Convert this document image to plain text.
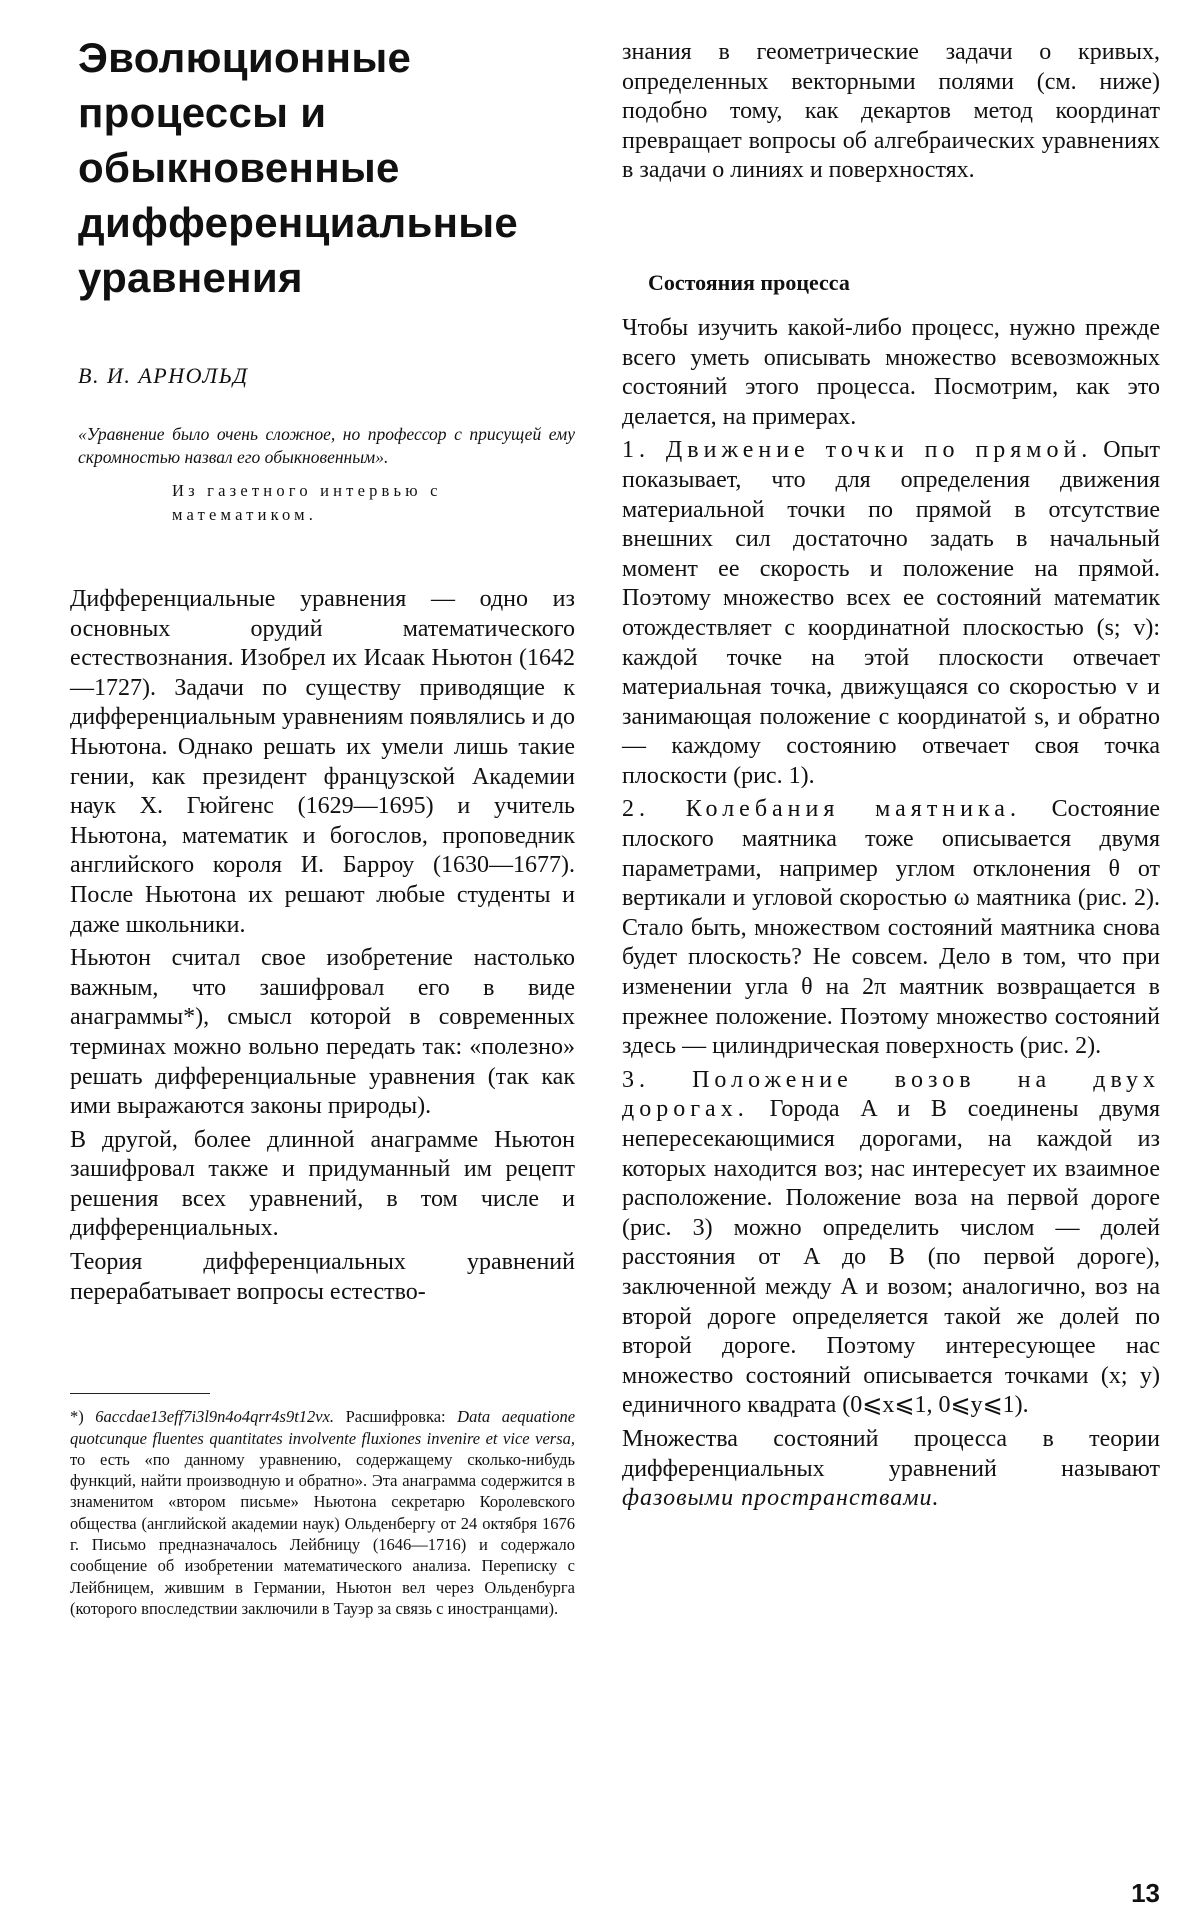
Эволюционные процессы и обыкновенные дифференциальные уравнения
В. И. АРНОЛЬД
«Уравнение было очень сложное, но профессор с присущей ему скромностью назвал его обыкновенным».
Из газетного интервью с математиком.

Дифференциальные уравнения — одно из основных орудий математического естествознания. Изобрел их Исаак Ньютон (1642—1727). Задачи по существу приводящие к дифференциальным уравнениям появлялись и до Ньютона. Однако решать их умели лишь такие гении, как президент французской Академии наук Х. Гюйгенс (1629—1695) и учитель Ньютона, математик и богослов, проповедник английского короля И. Барроу (1630—1677). После Ньютона их решают любые студенты и даже школьники.

Ньютон считал свое изобретение настолько важным, что зашифровал его в виде анаграммы*), смысл которой в современных терминах можно вольно передать так: «полезно» решать дифференциальные уравнения (так как ими выражаются законы природы).

В другой, более длинной анаграмме Ньютон зашифровал также и придуманный им рецепт решения всех уравнений, в том числе и дифференциальных.

Теория дифференциальных уравнений перерабатывает вопросы естество-

*) 6accdae13eff7i3l9n4o4qrr4s9t12vx. Расшифровка: Data aequatione quotcunque fluentes quantitates involvente fluxiones invenire et vice versa, то есть «по данному уравнению, содержащему сколько-нибудь функций, найти производную и обратно». Эта анаграмма содержится в знаменитом «втором письме» Ньютона секретарю Королевского общества (английской академии наук) Ольденбергу от 24 октября 1676 г. Письмо предназначалось Лейбницу (1646—1716) и содержало сообщение об изобретении математического анализа. Переписку с Лейбницем, жившим в Германии, Ньютон вел через Ольденбурга (которого впоследствии заключили в Тауэр за связь с иностранцами).

знания в геометрические задачи о кривых, определенных векторными полями (см. ниже) подобно тому, как декартов метод координат превращает вопросы об алгебраических уравнениях в задачи о линиях и поверхностях.

Состояния процесса

Чтобы изучить какой-либо процесс, нужно прежде всего уметь описывать множество всевозможных состояний этого процесса. Посмотрим, как это делается, на примерах.

1. Движение точки по прямой. Опыт показывает, что для определения движения материальной точки по прямой в отсутствие внешних сил достаточно задать в начальный момент ее скорость и положение на прямой. Поэтому множество всех ее состояний математик отождествляет с координатной плоскостью (s; v): каждой точке на этой плоскости отвечает материальная точка, движущаяся со скоростью v и занимающая положение с координатой s, и обратно — каждому состоянию отвечает своя точка плоскости (рис. 1).

2. Колебания маятника. Состояние плоского маятника тоже описывается двумя параметрами, например углом отклонения θ от вертикали и угловой скоростью ω маятника (рис. 2). Стало быть, множеством состояний маятника снова будет плоскость? Не совсем. Дело в том, что при изменении угла θ на 2π маятник возвращается в прежнее положение. Поэтому множество состояний здесь — цилиндрическая поверхность (рис. 2).

3. Положение возов на двух дорогах. Города A и B соединены двумя непересекающимися дорогами, на каждой из которых находится воз; нас интересует их взаимное расположение. Положение воза на первой дороге (рис. 3) можно определить числом — долей расстояния от A до B (по первой дороге), заключенной между A и возом; аналогично, воз на второй дороге определяется такой же долей по второй дороге. Поэтому интересующее нас множество состояний описывается точками (x; y) единичного квадрата (0⩽x⩽1, 0⩽y⩽1).

Множества состояний процесса в теории дифференциальных уравнений называют фазовыми пространствами.

13
